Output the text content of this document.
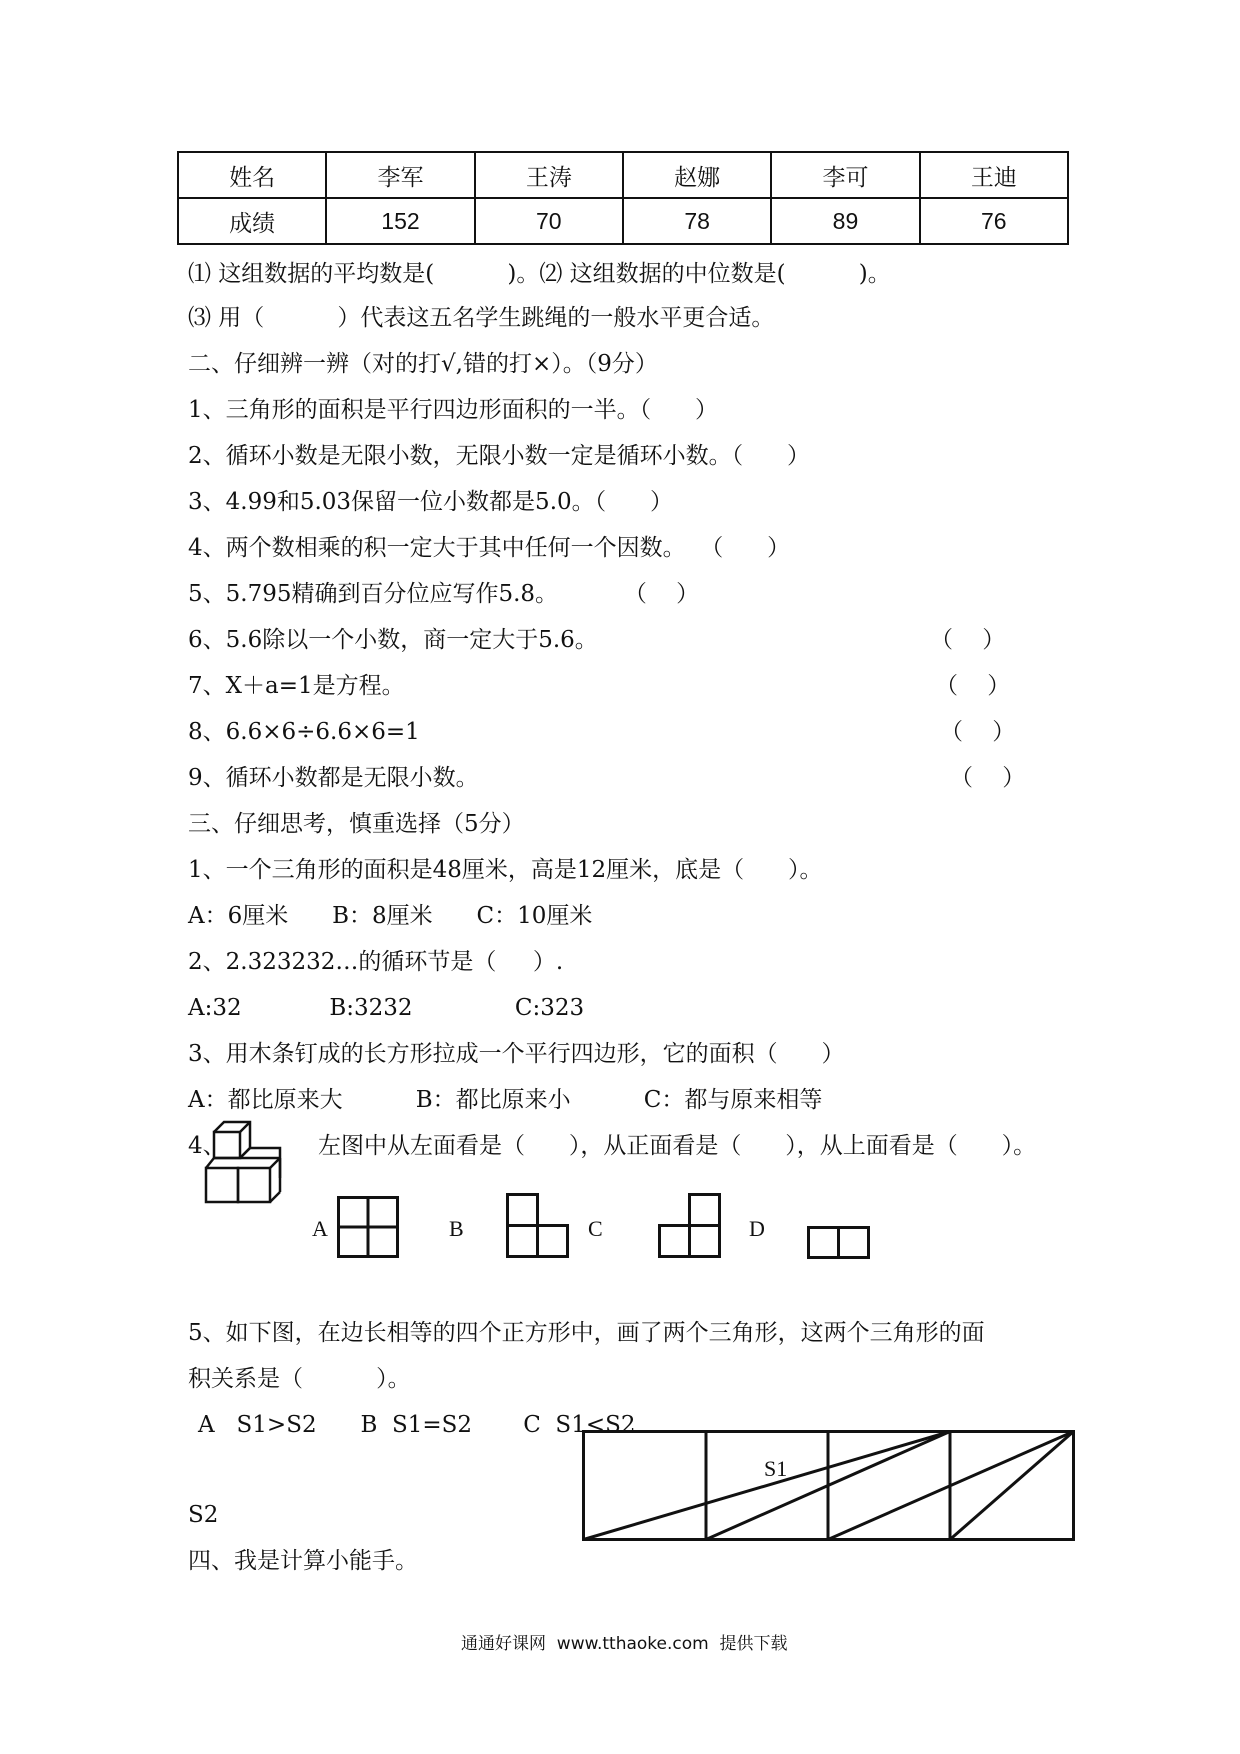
姓名	李军	王涛	赵娜	李可	王迪
成绩	152	70	78	89	76
⑴ 这组数据的平均数是(          )。⑵ 这组数据的中位数是(          )。
⑶ 用（          ）代表这五名学生跳绳的一般水平更合适。
二、仔细辨一辨（对的打√,错的打×）。（9分）
1、三角形的面积是平行四边形面积的一半。（      ）
2、循环小数是无限小数，无限小数一定是循环小数。（      ）
3、4.99和5.03保留一位小数都是5.0。（      ）
4、两个数相乘的积一定大于其中任何一个因数。  （      ）
5、5.795精确到百分位应写作5.8。         （    ）
6、5.6除以一个小数，商一定大于5.6。	（    ）
7、X＋a=1是方程。	（    ）
8、6.6×6÷6.6×6=1	（    ）
9、循环小数都是无限小数。	（    ）
三、仔细思考，慎重选择（5分）
1、一个三角形的面积是48厘米，高是12厘米，底是（      ）。
A：6厘米      B：8厘米      C：10厘米
2、2.323232…的循环节是（     ）.
A:32            B:3232              C:323
3、用木条钉成的长方形拉成一个平行四边形，它的面积（      ）
A：都比原来大          B：都比原来小          C：都与原来相等
4、	左图中从左面看是（      ），从正面看是（      ），从上面看是（      ）。
A	B	C	D
5、如下图，在边长相等的四个正方形中，画了两个三角形，这两个三角形的面
积关系是（          ）。
A   S1>S2      B  S1=S2       C  S1<S2
S1
S2
四、我是计算小能手。
通通好课网  www.tthaoke.com  提供下载
